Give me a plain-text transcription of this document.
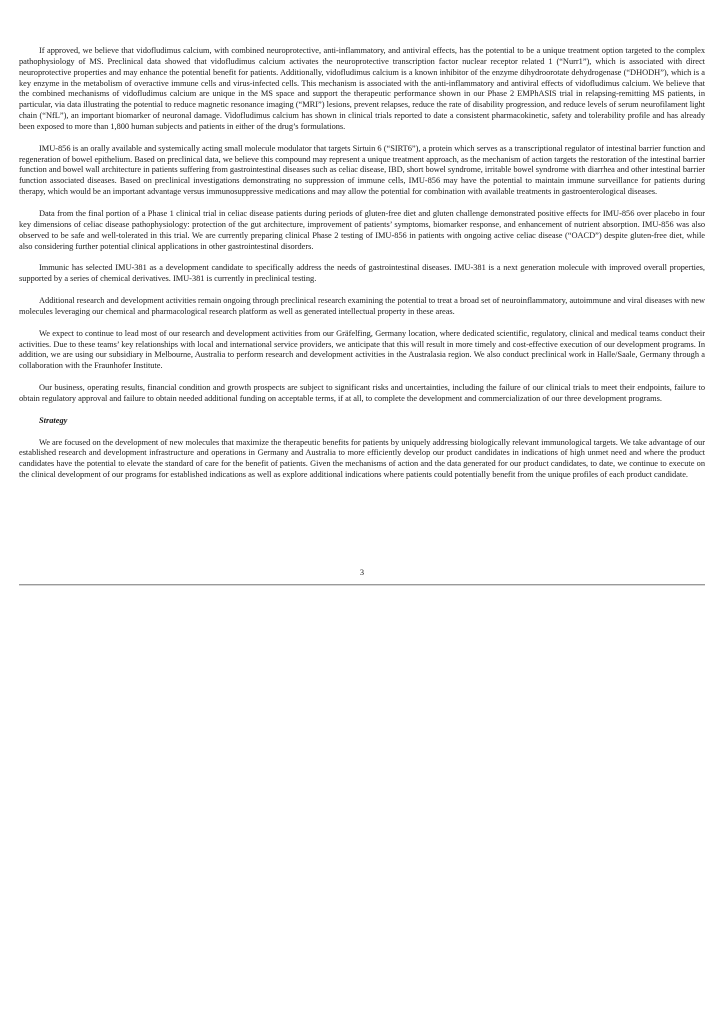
If approved, we believe that vidofludimus calcium, with combined neuroprotective, anti-inflammatory, and antiviral effects, has the potential to be a unique treatment option targeted to the complex pathophysiology of MS. Preclinical data showed that vidofludimus calcium activates the neuroprotective transcription factor nuclear receptor related 1 (“Nurr1”), which is associated with direct neuroprotective properties and may enhance the potential benefit for patients. Additionally, vidofludimus calcium is a known inhibitor of the enzyme dihydroorotate dehydrogenase (“DHODH”), which is a key enzyme in the metabolism of overactive immune cells and virus-infected cells. This mechanism is associated with the anti-inflammatory and antiviral effects of vidofludimus calcium. We believe that the combined mechanisms of vidofludimus calcium are unique in the MS space and support the therapeutic performance shown in our Phase 2 EMPhASIS trial in relapsing-remitting MS patients, in particular, via data illustrating the potential to reduce magnetic resonance imaging (“MRI”) lesions, prevent relapses, reduce the rate of disability progression, and reduce levels of serum neurofilament light chain (“NfL”), an important biomarker of neuronal damage. Vidofludimus calcium has shown in clinical trials reported to date a consistent pharmacokinetic, safety and tolerability profile and has already been exposed to more than 1,800 human subjects and patients in either of the drug’s formulations.

IMU-856 is an orally available and systemically acting small molecule modulator that targets Sirtuin 6 (“SIRT6”), a protein which serves as a transcriptional regulator of intestinal barrier function and regeneration of bowel epithelium. Based on preclinical data, we believe this compound may represent a unique treatment approach, as the mechanism of action targets the restoration of the intestinal barrier function and bowel wall architecture in patients suffering from gastrointestinal diseases such as celiac disease, IBD, short bowel syndrome, irritable bowel syndrome with diarrhea and other intestinal barrier function associated diseases. Based on preclinical investigations demonstrating no suppression of immune cells, IMU-856 may have the potential to maintain immune surveillance for patients during therapy, which would be an important advantage versus immunosuppressive medications and may allow the potential for combination with available treatments in gastroenterological diseases.

Data from the final portion of a Phase 1 clinical trial in celiac disease patients during periods of gluten-free diet and gluten challenge demonstrated positive effects for IMU-856 over placebo in four key dimensions of celiac disease pathophysiology: protection of the gut architecture, improvement of patients’ symptoms, biomarker response, and enhancement of nutrient absorption. IMU-856 was also observed to be safe and well-tolerated in this trial. We are currently preparing clinical Phase 2 testing of IMU-856 in patients with ongoing active celiac disease (“OACD”) despite gluten-free diet, while also considering further potential clinical applications in other gastrointestinal disorders.

Immunic has selected IMU-381 as a development candidate to specifically address the needs of gastrointestinal diseases. IMU-381 is a next generation molecule with improved overall properties, supported by a series of chemical derivatives. IMU-381 is currently in preclinical testing.

Additional research and development activities remain ongoing through preclinical research examining the potential to treat a broad set of neuroinflammatory, autoimmune and viral diseases with new molecules leveraging our chemical and pharmacological research platform as well as generated intellectual property in these areas.

We expect to continue to lead most of our research and development activities from our Gräfelfing, Germany location, where dedicated scientific, regulatory, clinical and medical teams conduct their activities. Due to these teams’ key relationships with local and international service providers, we anticipate that this will result in more timely and cost-effective execution of our development programs. In addition, we are using our subsidiary in Melbourne, Australia to perform research and development activities in the Australasia region. We also conduct preclinical work in Halle/Saale, Germany through a collaboration with the Fraunhofer Institute.

Our business, operating results, financial condition and growth prospects are subject to significant risks and uncertainties, including the failure of our clinical trials to meet their endpoints, failure to obtain regulatory approval and failure to obtain needed additional funding on acceptable terms, if at all, to complete the development and commercialization of our three development programs.

Strategy

We are focused on the development of new molecules that maximize the therapeutic benefits for patients by uniquely addressing biologically relevant immunological targets. We take advantage of our established research and development infrastructure and operations in Germany and Australia to more efficiently develop our product candidates in indications of high unmet need and where the product candidates have the potential to elevate the standard of care for the benefit of patients. Given the mechanisms of action and the data generated for our product candidates, to date, we continue to execute on the clinical development of our programs for established indications as well as explore additional indications where patients could potentially benefit from the unique profiles of each product candidate.

3
